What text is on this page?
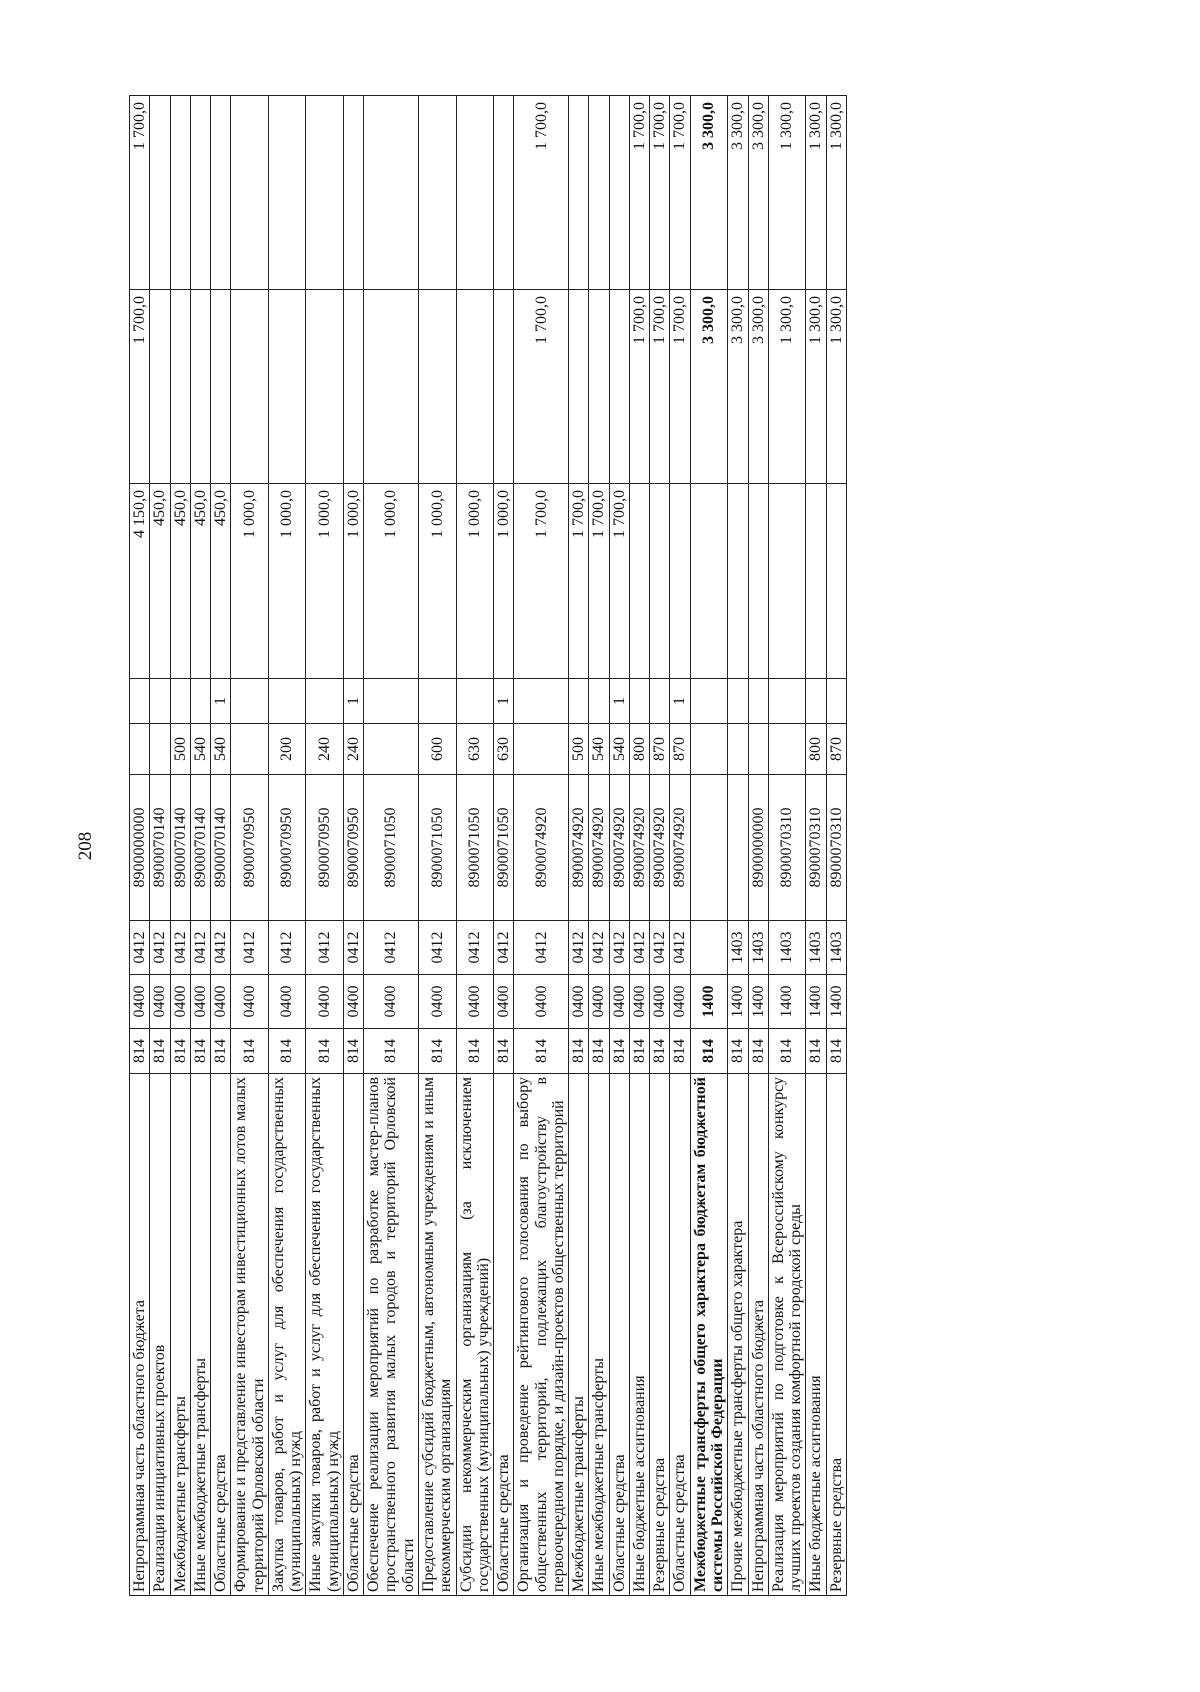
208
Непрограммная часть областного бюджета	814	0400	0412	8900000000			4 150,0	1 700,0	1 700,0
Реализация инициативных проектов	814	0400	0412	8900070140			450,0		
Межбюджетные трансферты	814	0400	0412	8900070140	500		450,0		
Иные межбюджетные трансферты	814	0400	0412	8900070140	540		450,0		
Областные средства	814	0400	0412	8900070140	540	1	450,0		
Формирование и представление инвесторам инвестиционных лотов малых территорий Орловской области	814	0400	0412	8900070950			1 000,0		
Закупка товаров, работ и услуг для обеспечения государственных (муниципальных) нужд	814	0400	0412	8900070950	200		1 000,0		
Иные закупки товаров, работ и услуг для обеспечения государственных (муниципальных) нужд	814	0400	0412	8900070950	240		1 000,0		
Областные средства	814	0400	0412	8900070950	240	1	1 000,0		
Обеспечение реализации мероприятий по разработке мастер-планов пространственного развития малых городов и территорий Орловской области	814	0400	0412	8900071050			1 000,0		
Предоставление субсидий бюджетным, автономным учреждениям и иным некоммерческим организациям	814	0400	0412	8900071050	600		1 000,0		
Субсидии некоммерческим организациям (за исключением государственных (муниципальных) учреждений)	814	0400	0412	8900071050	630		1 000,0		
Областные средства	814	0400	0412	8900071050	630	1	1 000,0		
Организация и проведение рейтингового голосования по выбору общественных территорий, подлежащих благоустройству в первоочередном порядке, и дизайн-проектов общественных территорий	814	0400	0412	8900074920			1 700,0	1 700,0	1 700,0
Межбюджетные трансферты	814	0400	0412	8900074920	500		1 700,0		
Иные межбюджетные трансферты	814	0400	0412	8900074920	540		1 700,0		
Областные средства	814	0400	0412	8900074920	540	1	1 700,0		
Иные бюджетные ассигнования	814	0400	0412	8900074920	800			1 700,0	1 700,0
Резервные средства	814	0400	0412	8900074920	870			1 700,0	1 700,0
Областные средства	814	0400	0412	8900074920	870	1		1 700,0	1 700,0
Межбюджетные трансферты общего характера бюджетам бюджетной системы Российской Федерации	814	1400						3 300,0	3 300,0
Прочие межбюджетные трансферты общего характера	814	1400	1403					3 300,0	3 300,0
Непрограммная часть областного бюджета	814	1400	1403	8900000000				3 300,0	3 300,0
Реализация мероприятий по подготовке к Всероссийскому конкурсу лучших проектов создания комфортной городской среды	814	1400	1403	8900070310				1 300,0	1 300,0
Иные бюджетные ассигнования	814	1400	1403	8900070310	800			1 300,0	1 300,0
Резервные средства	814	1400	1403	8900070310	870			1 300,0	1 300,0
